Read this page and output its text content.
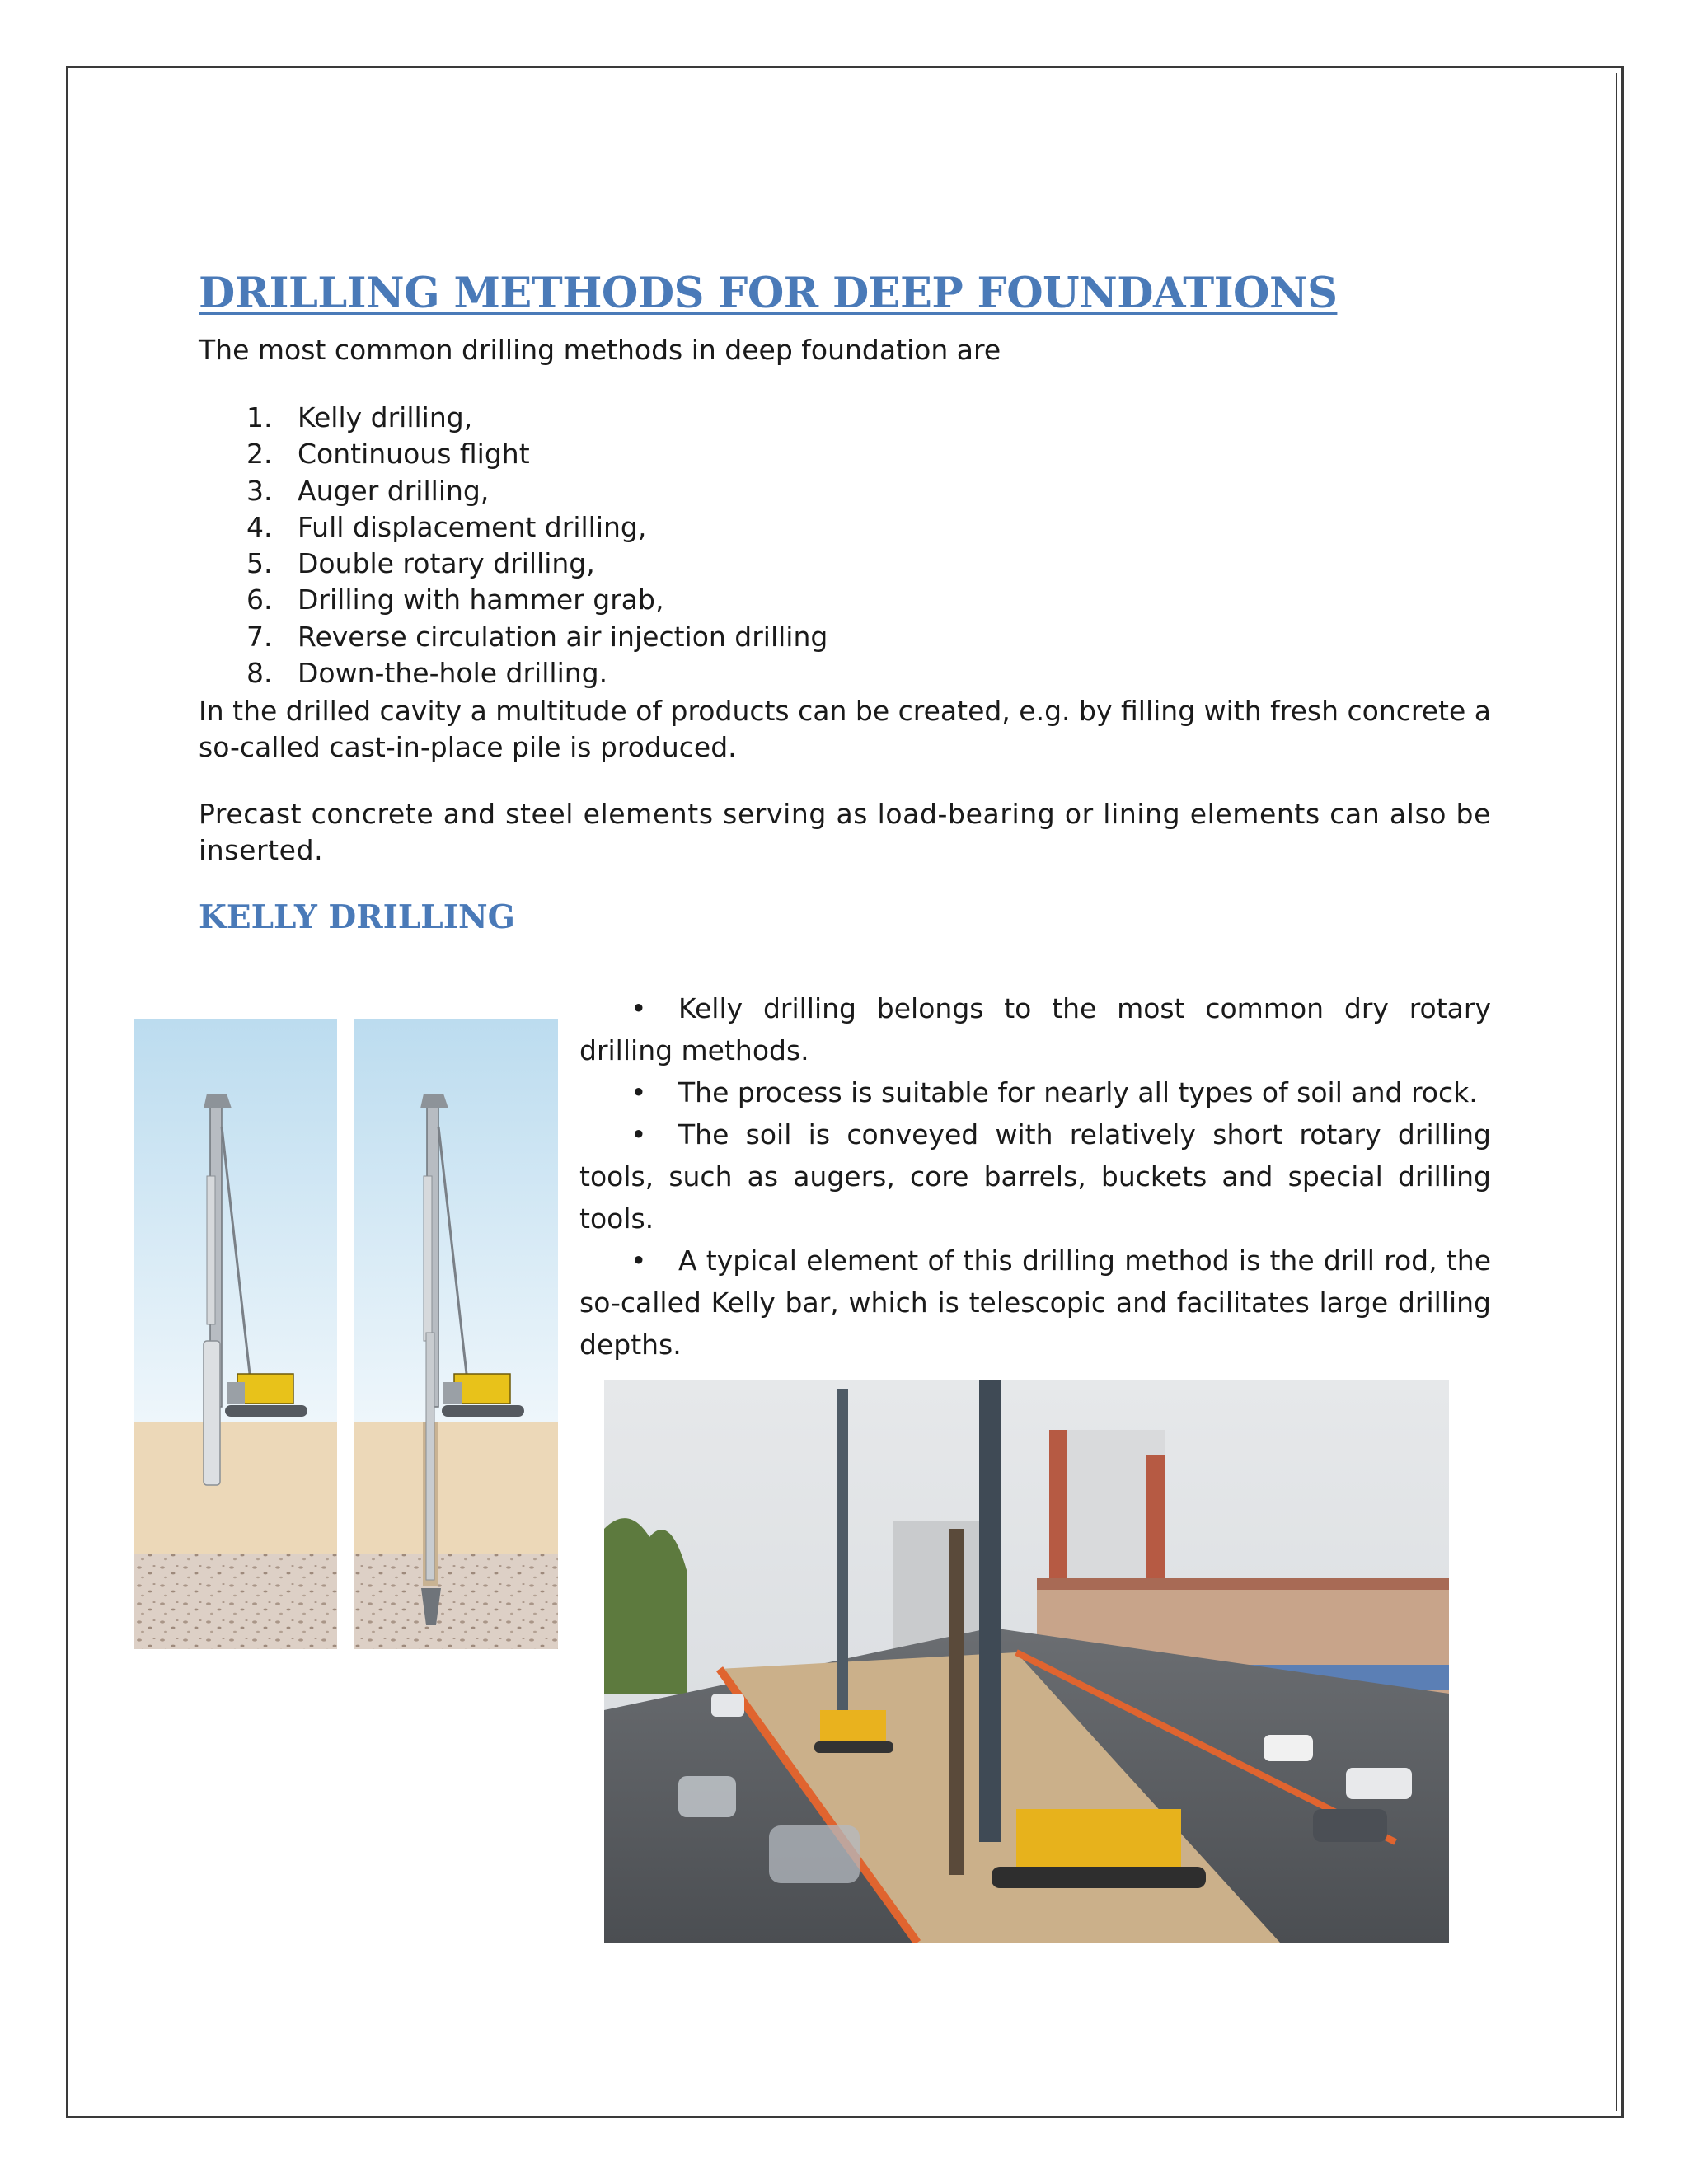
DRILLING METHODS FOR DEEP FOUNDATIONS

The most common drilling methods in deep foundation are

1. Kelly drilling,
2. Continuous flight
3. Auger drilling,
4. Full displacement drilling,
5. Double rotary drilling,
6. Drilling with hammer grab,
7. Reverse circulation air injection drilling
8. Down-the-hole drilling.

In the drilled cavity a multitude of products can be created, e.g. by filling with fresh concrete a so-called cast-in-place pile is produced.

Precast concrete and steel elements serving as load-bearing or lining elements can also be inserted.

KELLY DRILLING
• Kelly drilling belongs to the most common dry rotary drilling methods.
• The process is suitable for nearly all types of soil and rock.
• The soil is conveyed with relatively short rotary drilling tools, such as augers, core barrels, buckets and special drilling tools.
• A typical element of this drilling method is the drill rod, the so-called Kelly bar, which is telescopic and facilitates large drilling depths.
